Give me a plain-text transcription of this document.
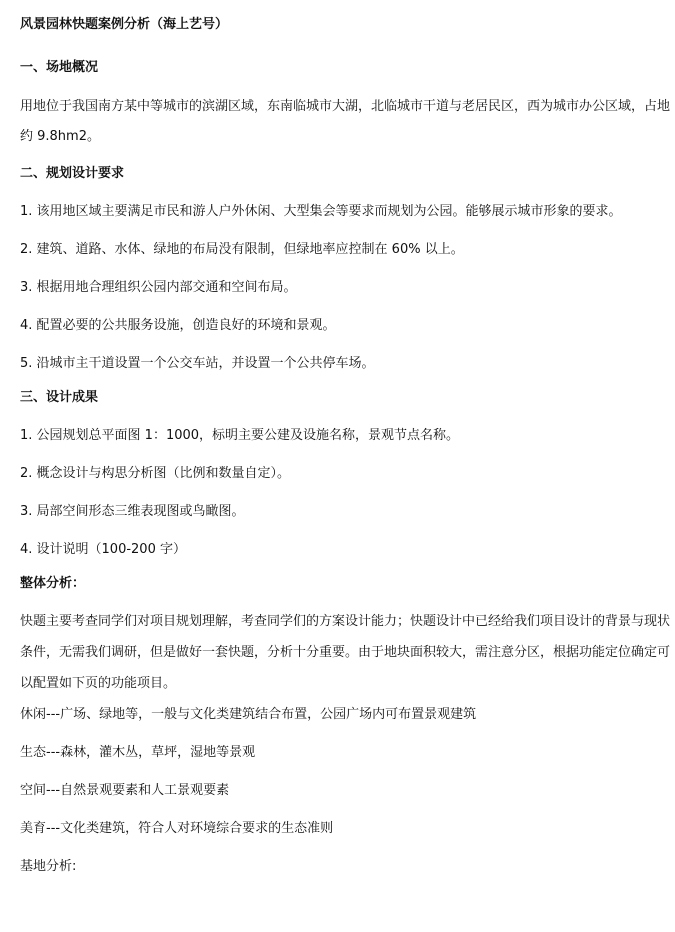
风景园林快题案例分析（海上艺号）
一、场地概况
用地位于我国南方某中等城市的滨湖区域，东南临城市大湖，北临城市干道与老居民区，西为城市办公区域，占地
约 9.8hm2。
二、规划设计要求
1. 该用地区域主要满足市民和游人户外休闲、大型集会等要求而规划为公园。能够展示城市形象的要求。
2. 建筑、道路、水体、绿地的布局没有限制，但绿地率应控制在 60% 以上。
3. 根据用地合理组织公园内部交通和空间布局。
4. 配置必要的公共服务设施，创造良好的环境和景观。
5. 沿城市主干道设置一个公交车站，并设置一个公共停车场。
三、设计成果
1. 公园规划总平面图 1：1000，标明主要公建及设施名称，景观节点名称。
2. 概念设计与构思分析图（比例和数量自定）。
3. 局部空间形态三维表现图或鸟瞰图。
4. 设计说明（100-200 字）
整体分析：
快题主要考查同学们对项目规划理解，考查同学们的方案设计能力；快题设计中已经给我们项目设计的背景与现状
条件，无需我们调研，但是做好一套快题，分析十分重要。由于地块面积较大，需注意分区，根据功能定位确定可
以配置如下页的功能项目。
休闲---广场、绿地等，一般与文化类建筑结合布置，公园广场内可布置景观建筑
生态---森林，灌木丛，草坪，湿地等景观
空间---自然景观要素和人工景观要素
美育---文化类建筑，符合人对环境综合要求的生态准则
基地分析:
